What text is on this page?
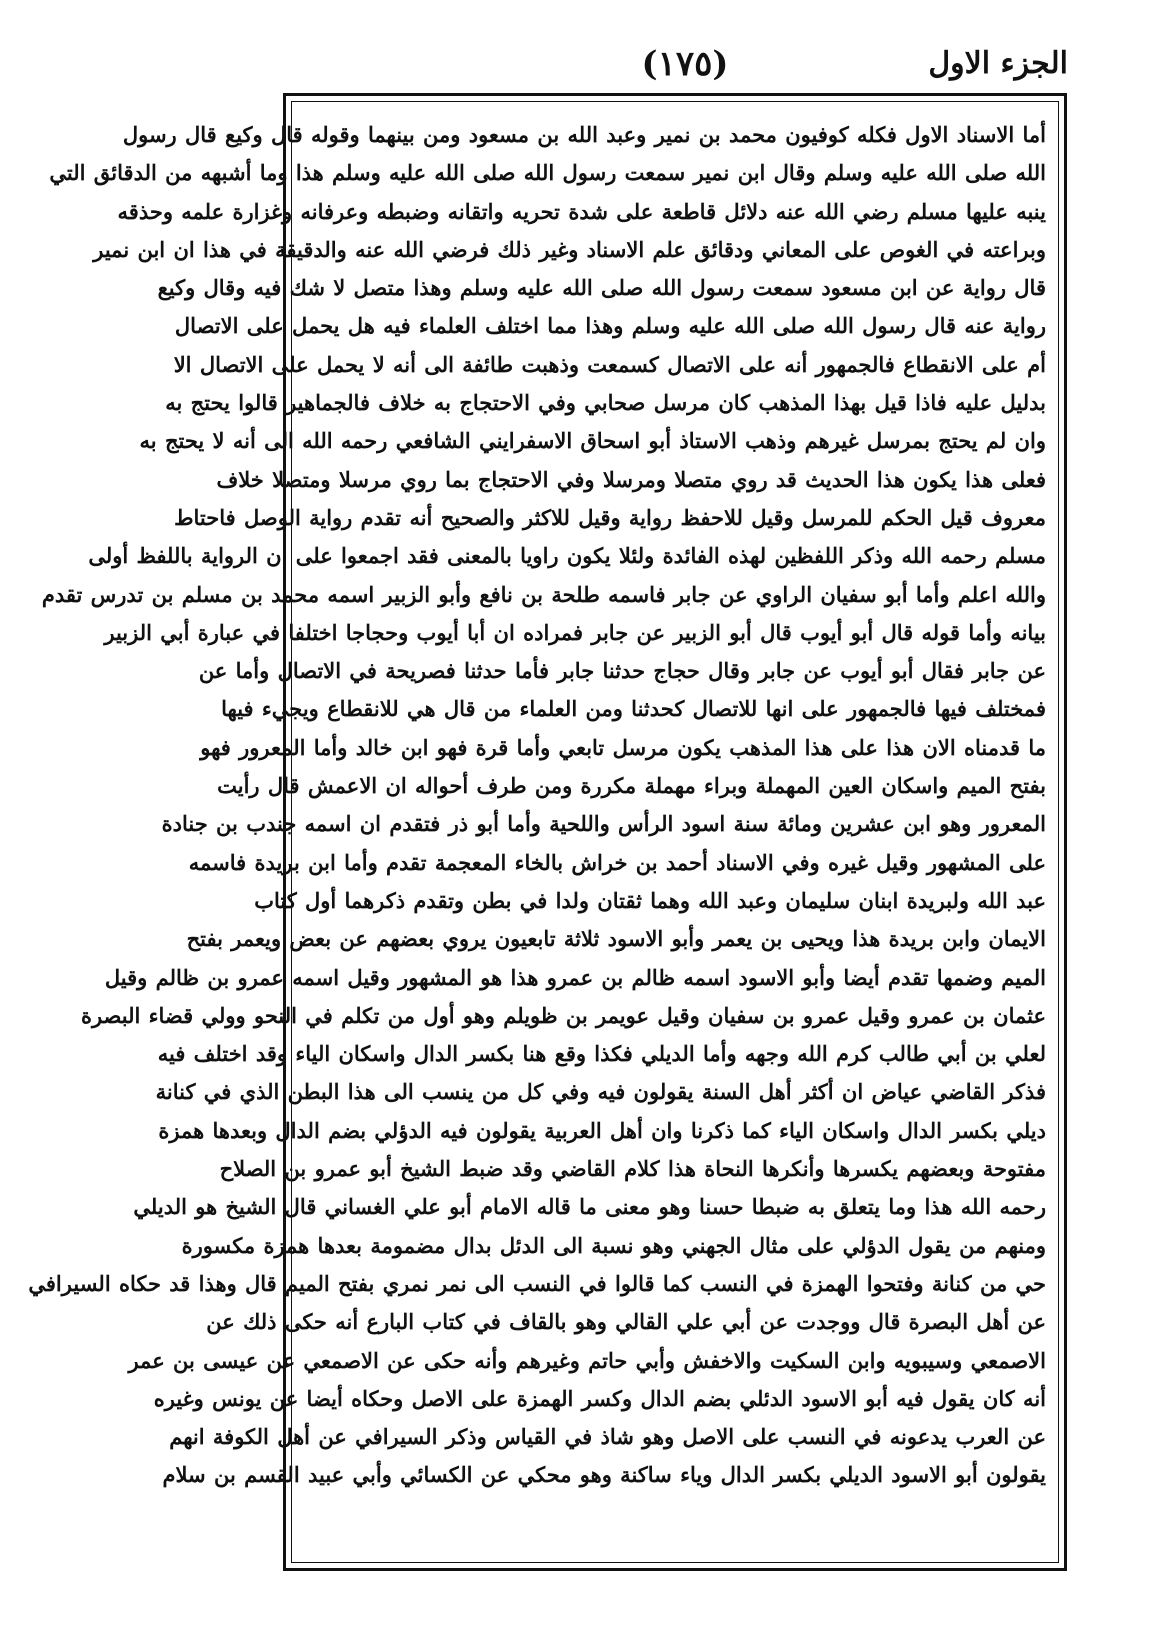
الجزء الاول
(١٧٥)
أما الاسناد الاول فكله كوفيون محمد بن نمير وعبد الله بن مسعود ومن بينهما وقوله قال وكيع قال رسول
الله صلى الله عليه وسلم وقال ابن نمير سمعت رسول الله صلى الله عليه وسلم هذا وما أشبهه من الدقائق التي
ينبه عليها مسلم رضي الله عنه دلائل قاطعة على شدة تحريه واتقانه وضبطه وعرفانه وغزارة علمه وحذقه
وبراعته في الغوص على المعاني ودقائق علم الاسناد وغير ذلك فرضي الله عنه والدقيقة في هذا ان ابن نمير
قال رواية عن ابن مسعود سمعت رسول الله صلى الله عليه وسلم وهذا متصل لا شك فيه وقال وكيع
رواية عنه قال رسول الله صلى الله عليه وسلم وهذا مما اختلف العلماء فيه هل يحمل على الاتصال
أم على الانقطاع فالجمهور أنه على الاتصال كسمعت وذهبت طائفة الى أنه لا يحمل على الاتصال الا
بدليل عليه فاذا قيل بهذا المذهب كان مرسل صحابي وفي الاحتجاج به خلاف فالجماهير قالوا يحتج به
وان لم يحتج بمرسل غيرهم وذهب الاستاذ أبو اسحاق الاسفرايني الشافعي رحمه الله الى أنه لا يحتج به
فعلى هذا يكون هذا الحديث قد روي متصلا ومرسلا وفي الاحتجاج بما روي مرسلا ومتصلا خلاف
معروف قيل الحكم للمرسل وقيل للاحفظ رواية وقيل للاكثر والصحيح أنه تقدم رواية الوصل فاحتاط
مسلم رحمه الله وذكر اللفظين لهذه الفائدة ولئلا يكون راويا بالمعنى فقد اجمعوا على ان الرواية باللفظ أولى
والله اعلم وأما أبو سفيان الراوي عن جابر فاسمه طلحة بن نافع وأبو الزبير اسمه محمد بن مسلم بن تدرس تقدم
بيانه وأما قوله قال أبو أيوب قال أبو الزبير عن جابر فمراده ان أبا أيوب وحجاجا اختلفا في عبارة أبي الزبير
عن جابر فقال أبو أيوب عن جابر وقال حجاج حدثنا جابر فأما حدثنا فصريحة في الاتصال وأما عن
فمختلف فيها فالجمهور على انها للاتصال كحدثنا ومن العلماء من قال هي للانقطاع ويجيء فيها
ما قدمناه الان هذا على هذا المذهب يكون مرسل تابعي وأما قرة فهو ابن خالد وأما المعرور فهو
بفتح الميم واسكان العين المهملة وبراء مهملة مكررة ومن طرف أحواله ان الاعمش قال رأيت
المعرور وهو ابن عشرين ومائة سنة اسود الرأس واللحية وأما أبو ذر فتقدم ان اسمه جندب بن جنادة
على المشهور وقيل غيره وفي الاسناد أحمد بن خراش بالخاء المعجمة تقدم وأما ابن بريدة فاسمه
عبد الله ولبريدة ابنان سليمان وعبد الله وهما ثقتان ولدا في بطن وتقدم ذكرهما أول كتاب
الايمان وابن بريدة هذا ويحيى بن يعمر وأبو الاسود ثلاثة تابعيون يروي بعضهم عن بعض ويعمر بفتح
الميم وضمها تقدم أيضا وأبو الاسود اسمه ظالم بن عمرو هذا هو المشهور وقيل اسمه عمرو بن ظالم وقيل
عثمان بن عمرو وقيل عمرو بن سفيان وقيل عويمر بن ظويلم وهو أول من تكلم في النحو وولي قضاء البصرة
لعلي بن أبي طالب كرم الله وجهه وأما الديلي فكذا وقع هنا بكسر الدال واسكان الياء وقد اختلف فيه
فذكر القاضي عياض ان أكثر أهل السنة يقولون فيه وفي كل من ينسب الى هذا البطن الذي في كنانة
ديلي بكسر الدال واسكان الياء كما ذكرنا وان أهل العربية يقولون فيه الدؤلي بضم الدال وبعدها همزة
مفتوحة وبعضهم يكسرها وأنكرها النحاة هذا كلام القاضي وقد ضبط الشيخ أبو عمرو بن الصلاح
رحمه الله هذا وما يتعلق به ضبطا حسنا وهو معنى ما قاله الامام أبو علي الغساني قال الشيخ هو الديلي
ومنهم من يقول الدؤلي على مثال الجهني وهو نسبة الى الدئل بدال مضمومة بعدها همزة مكسورة
حي من كنانة وفتحوا الهمزة في النسب كما قالوا في النسب الى نمر نمري بفتح الميم قال وهذا قد حكاه السيرافي
عن أهل البصرة قال ووجدت عن أبي علي القالي وهو بالقاف في كتاب البارع أنه حكى ذلك عن
الاصمعي وسيبويه وابن السكيت والاخفش وأبي حاتم وغيرهم وأنه حكى عن الاصمعي عن عيسى بن عمر
أنه كان يقول فيه أبو الاسود الدئلي بضم الدال وكسر الهمزة على الاصل وحكاه أيضا عن يونس وغيره
عن العرب يدعونه في النسب على الاصل وهو شاذ في القياس وذكر السيرافي عن أهل الكوفة انهم
يقولون أبو الاسود الديلي بكسر الدال وياء ساكنة وهو محكي عن الكسائي وأبي عبيد القسم بن سلام
